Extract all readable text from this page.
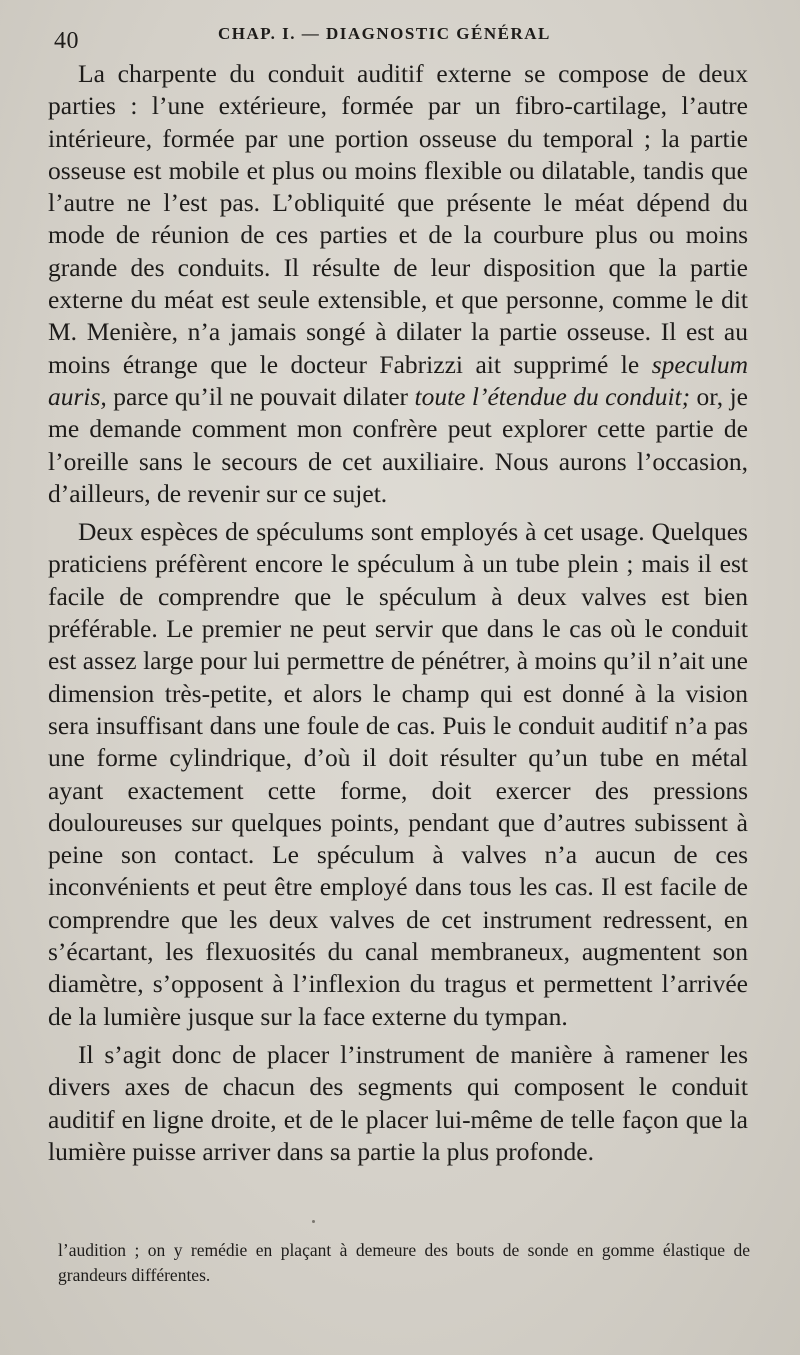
40	CHAP. I. — DIAGNOSTIC GÉNÉRAL

La charpente du conduit auditif externe se compose de deux parties : l’une extérieure, formée par un fibro-cartilage, l’autre intérieure, formée par une portion osseuse du temporal ; la partie osseuse est mobile et plus ou moins flexible ou dilatable, tandis que l’autre ne l’est pas. L’obliquité que présente le méat dépend du mode de réunion de ces parties et de la courbure plus ou moins grande des conduits. Il résulte de leur disposition que la partie externe du méat est seule extensible, et que personne, comme le dit M. Menière, n’a jamais songé à dilater la partie osseuse. Il est au moins étrange que le docteur Fabrizzi ait supprimé le speculum auris, parce qu’il ne pouvait dilater toute l’étendue du conduit; or, je me demande comment mon confrère peut explorer cette partie de l’oreille sans le secours de cet auxiliaire. Nous aurons l’occasion, d’ailleurs, de revenir sur ce sujet.

Deux espèces de spéculums sont employés à cet usage. Quelques praticiens préfèrent encore le spéculum à un tube plein ; mais il est facile de comprendre que le spéculum à deux valves est bien préférable. Le premier ne peut servir que dans le cas où le conduit est assez large pour lui permettre de pénétrer, à moins qu’il n’ait une dimension très-petite, et alors le champ qui est donné à la vision sera insuffisant dans une foule de cas. Puis le conduit auditif n’a pas une forme cylindrique, d’où il doit résulter qu’un tube en métal ayant exactement cette forme, doit exercer des pressions douloureuses sur quelques points, pendant que d’autres subissent à peine son contact. Le spéculum à valves n’a aucun de ces inconvénients et peut être employé dans tous les cas. Il est facile de comprendre que les deux valves de cet instrument redressent, en s’écartant, les flexuosités du canal membraneux, augmentent son diamètre, s’opposent à l’inflexion du tragus et permettent l’arrivée de la lumière jusque sur la face externe du tympan.

Il s’agit donc de placer l’instrument de manière à ramener les divers axes de chacun des segments qui composent le conduit auditif en ligne droite, et de le placer lui-même de telle façon que la lumière puisse arriver dans sa partie la plus profonde.

l’audition ; on y remédie en plaçant à demeure des bouts de sonde en gomme élastique de grandeurs différentes.
